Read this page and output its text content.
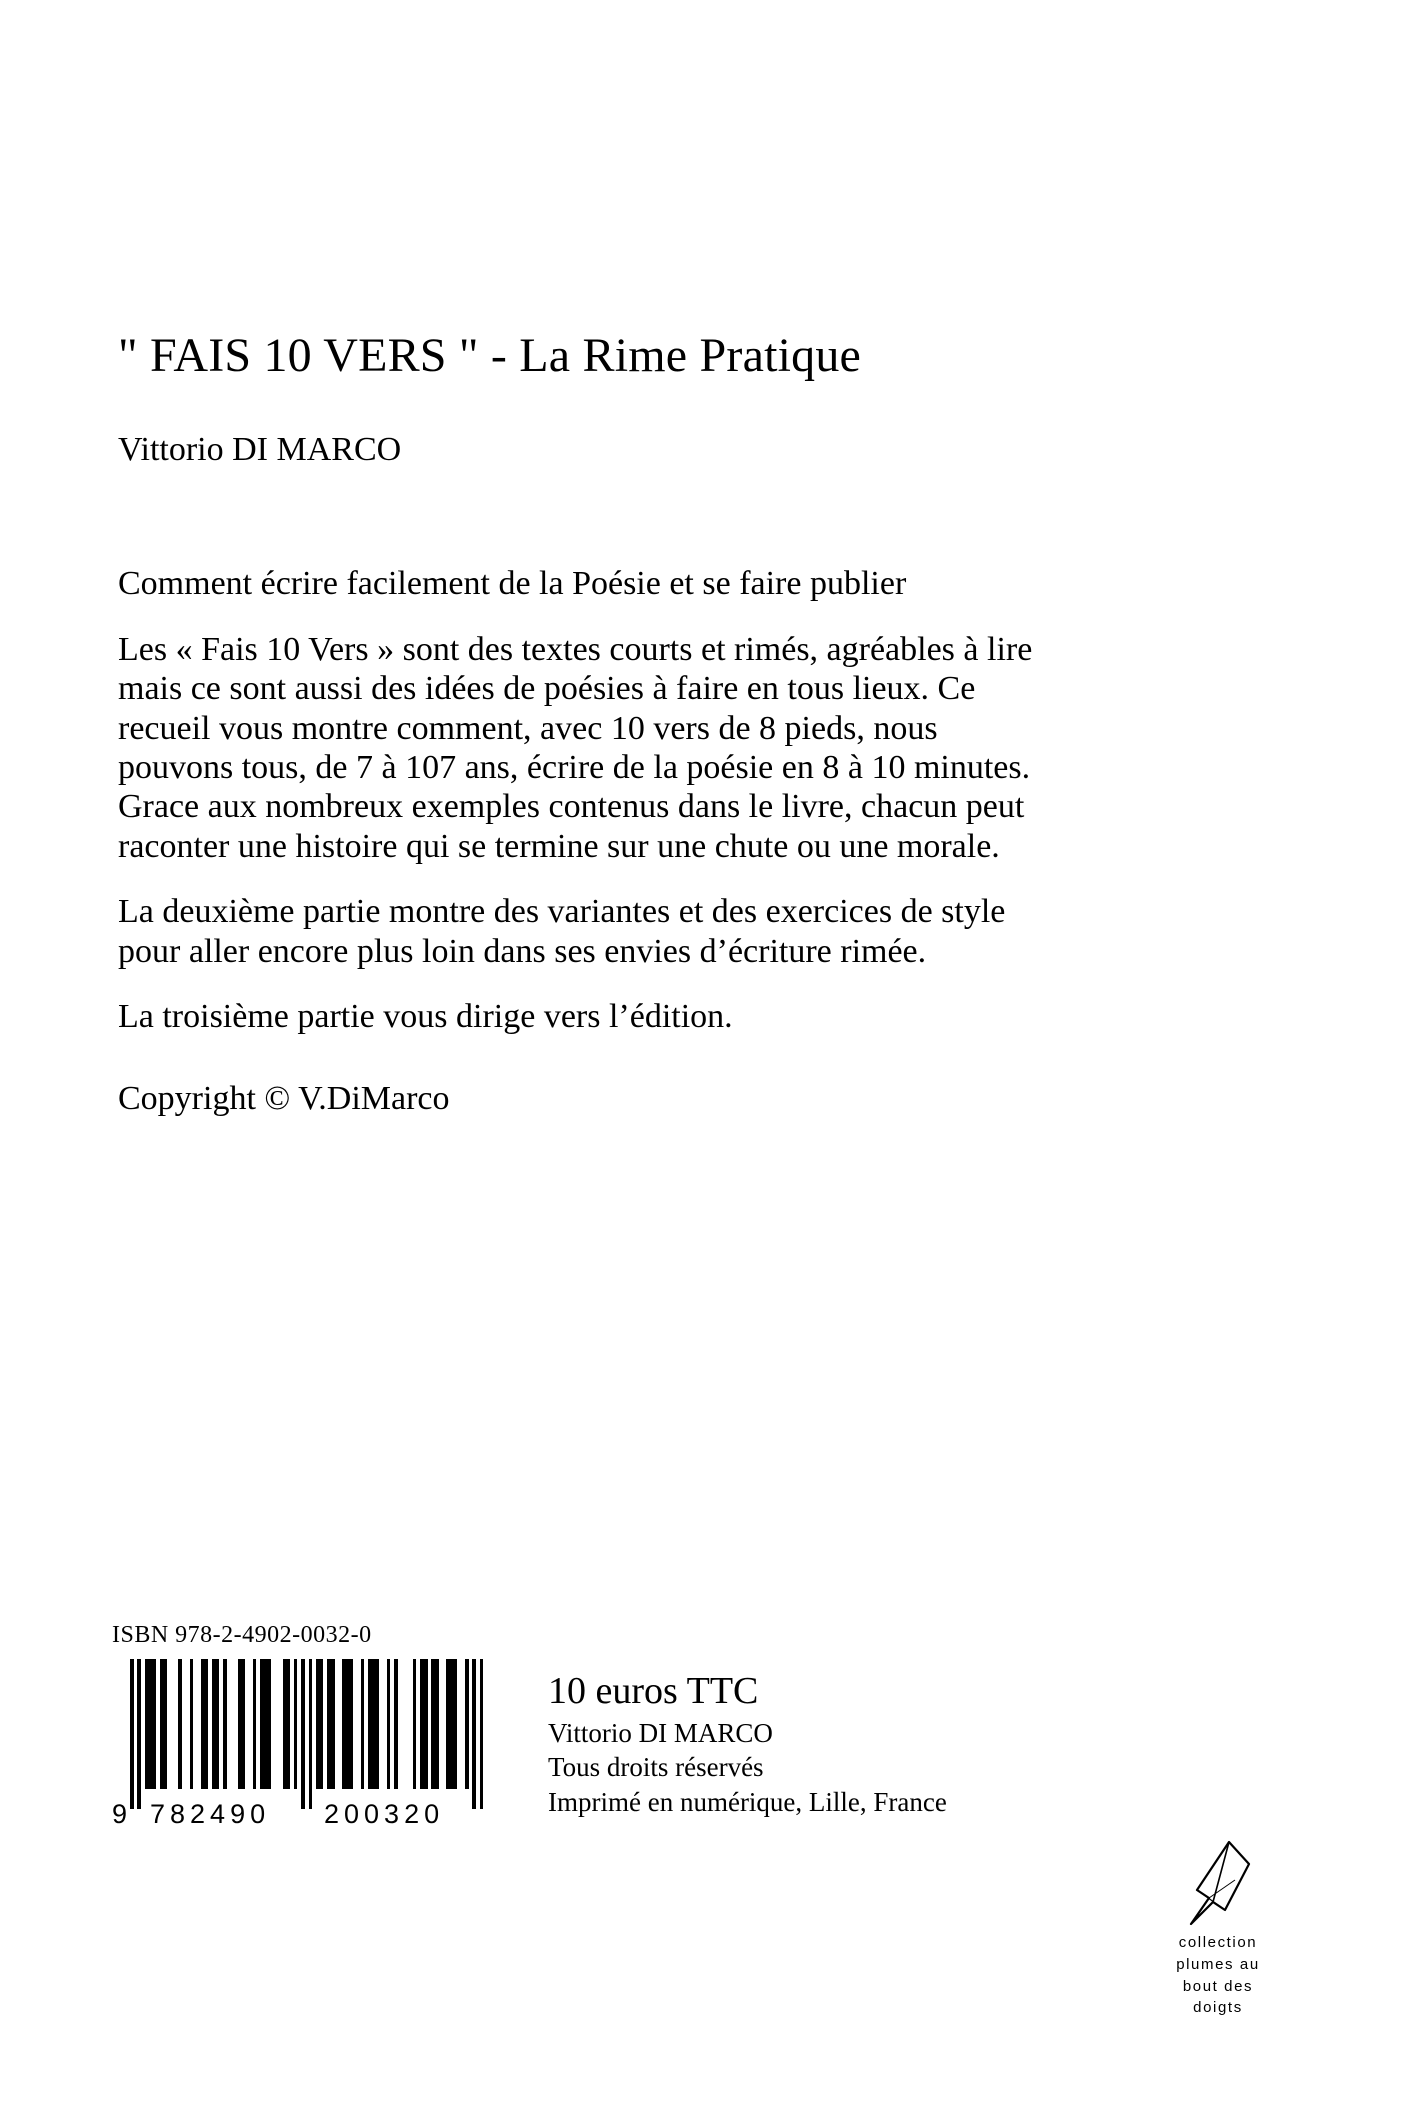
" FAIS 10 VERS " - La Rime Pratique
Vittorio DI MARCO

Comment écrire facilement de la Poésie et se faire publier

Les « Fais 10 Vers » sont des textes courts et rimés, agréables à lire mais ce sont aussi des idées de poésies à faire en tous lieux. Ce recueil vous montre comment, avec 10 vers de 8 pieds, nous pouvons tous, de 7 à 107 ans, écrire de la poésie en 8 à 10 minutes.

Grace aux nombreux exemples contenus dans le livre, chacun peut raconter une histoire qui se termine sur une chute ou une morale.

La deuxième partie montre des variantes et des exercices de style pour aller encore plus loin dans ses envies d’écriture rimée.

La troisième partie vous dirige vers l’édition.

Copyright © V.DiMarco
ISBN 978-2-4902-0032-0
9 782490 200320
10 euros TTC
Vittorio DI MARCO
Tous droits réservés
Imprimé en numérique, Lille, France
collection
plumes au
bout des
doigts
